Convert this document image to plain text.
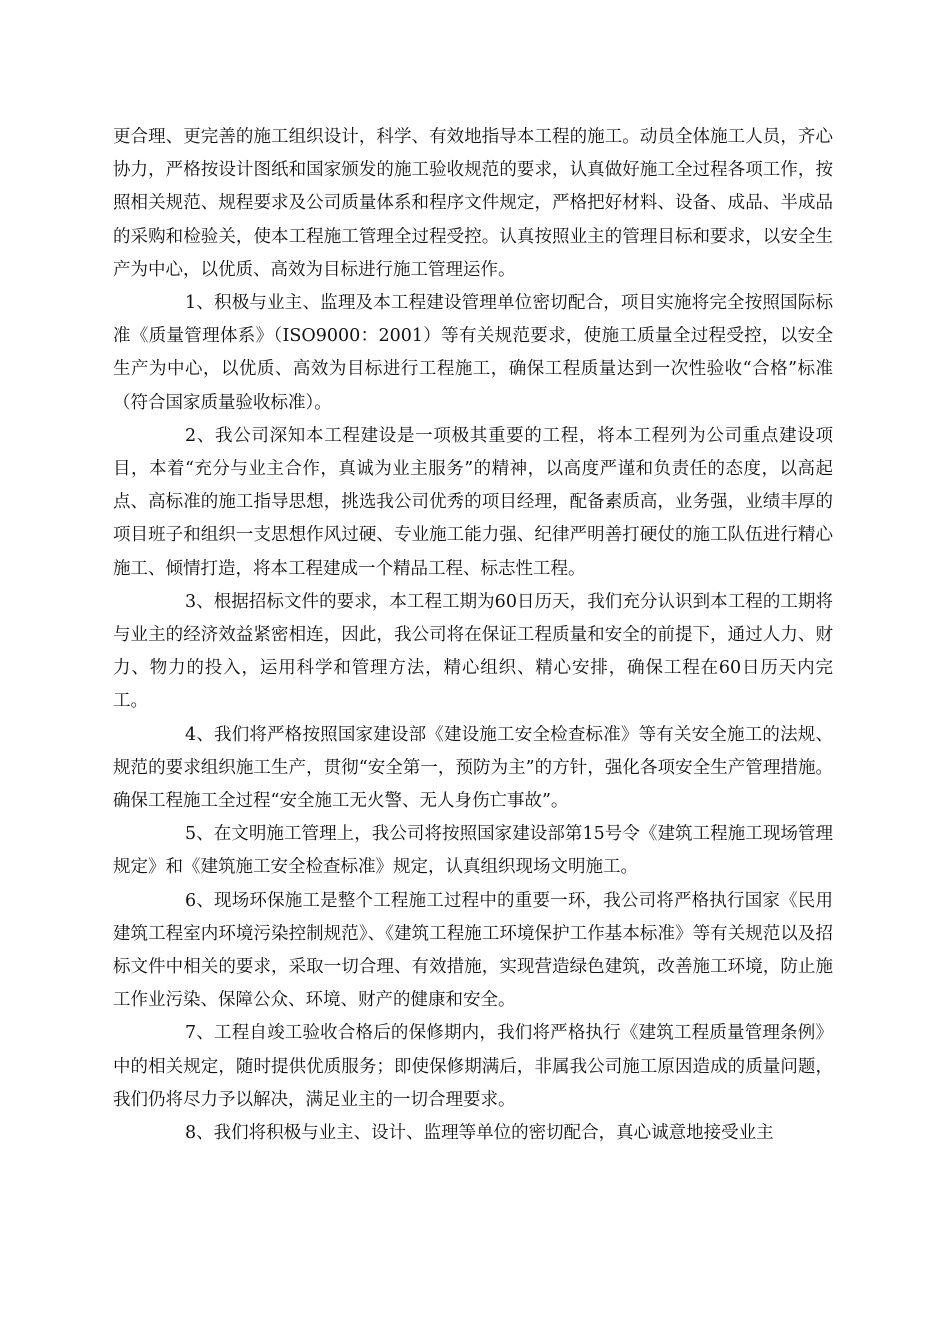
更合理、更完善的施工组织设计，科学、有效地指导本工程的施工。动员全体施工人员，齐心协力，严格按设计图纸和国家颁发的施工验收规范的要求，认真做好施工全过程各项工作，按照相关规范、规程要求及公司质量体系和程序文件规定，严格把好材料、设备、成品、半成品的采购和检验关，使本工程施工管理全过程受控。认真按照业主的管理目标和要求，以安全生产为中心，以优质、高效为目标进行施工管理运作。

1、积极与业主、监理及本工程建设管理单位密切配合，项目实施将完全按照国际标准《质量管理体系》（ISO9000：2001）等有关规范要求，使施工质量全过程受控，以安全生产为中心，以优质、高效为目标进行工程施工，确保工程质量达到一次性验收“合格”标准（符合国家质量验收标准）。

2、我公司深知本工程建设是一项极其重要的工程，将本工程列为公司重点建设项目，本着“充分与业主合作，真诚为业主服务”的精神，以高度严谨和负责任的态度，以高起点、高标准的施工指导思想，挑选我公司优秀的项目经理，配备素质高，业务强，业绩丰厚的项目班子和组织一支思想作风过硬、专业施工能力强、纪律严明善打硬仗的施工队伍进行精心施工、倾情打造，将本工程建成一个精品工程、标志性工程。

3、根据招标文件的要求，本工程工期为60日历天，我们充分认识到本工程的工期将与业主的经济效益紧密相连，因此，我公司将在保证工程质量和安全的前提下，通过人力、财力、物力的投入，运用科学和管理方法，精心组织、精心安排，确保工程在60日历天内完工。

4、我们将严格按照国家建设部《建设施工安全检查标准》等有关安全施工的法规、规范的要求组织施工生产，贯彻“安全第一，预防为主”的方针，强化各项安全生产管理措施。确保工程施工全过程“安全施工无火警、无人身伤亡事故”。

5、在文明施工管理上，我公司将按照国家建设部第15号令《建筑工程施工现场管理规定》和《建筑施工安全检查标准》规定，认真组织现场文明施工。

6、现场环保施工是整个工程施工过程中的重要一环，我公司将严格执行国家《民用建筑工程室内环境污染控制规范》、《建筑工程施工环境保护工作基本标准》等有关规范以及招标文件中相关的要求，采取一切合理、有效措施，实现营造绿色建筑，改善施工环境，防止施工作业污染、保障公众、环境、财产的健康和安全。

7、工程自竣工验收合格后的保修期内，我们将严格执行《建筑工程质量管理条例》中的相关规定，随时提供优质服务；即使保修期满后，非属我公司施工原因造成的质量问题，我们仍将尽力予以解决，满足业主的一切合理要求。

8、我们将积极与业主、设计、监理等单位的密切配合，真心诚意地接受业主
